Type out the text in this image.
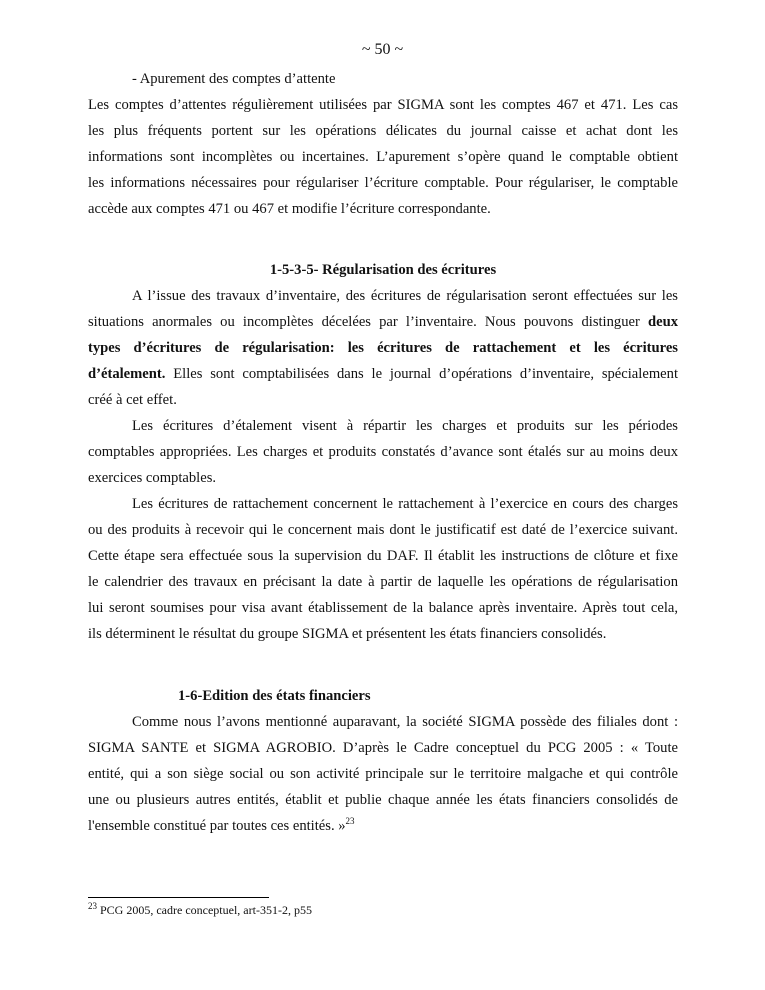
~ 50 ~
- Apurement des comptes d’attente
Les comptes d’attentes régulièrement utilisées par SIGMA sont les comptes 467 et 471. Les cas
les plus fréquents portent sur les opérations délicates du journal caisse et achat dont les
informations sont incomplètes ou incertaines. L’apurement s’opère quand le comptable obtient
les informations nécessaires pour régulariser l’écriture comptable. Pour régulariser, le comptable
accède aux comptes 471 ou 467 et modifie l’écriture correspondante.
1-5-3-5- Régularisation des écritures
A l’issue des travaux d’inventaire, des écritures de régularisation seront effectuées sur les
situations anormales ou incomplètes décelées par l’inventaire. Nous pouvons distinguer deux
types d’écritures de régularisation: les écritures de rattachement et les écritures
d’étalement. Elles sont comptabilisées dans le journal d’opérations d’inventaire, spécialement
créé à cet effet.
Les écritures d’étalement visent à répartir les charges et produits sur les périodes
comptables appropriées. Les charges et produits constatés d’avance sont étalés sur au moins deux
exercices comptables.
Les écritures de rattachement concernent le rattachement à l’exercice en cours des charges
ou des produits à recevoir qui le concernent mais dont le justificatif est daté de l’exercice suivant.
Cette étape sera effectuée sous la supervision du DAF. Il établit les instructions de clôture et fixe
le calendrier des travaux en précisant la date à partir de laquelle les opérations de régularisation
lui seront soumises pour visa avant établissement de la balance après inventaire. Après tout cela,
ils déterminent le résultat du groupe SIGMA et présentent les états financiers consolidés.
1-6-Edition des états financiers
Comme nous l’avons mentionné auparavant, la société SIGMA possède des filiales dont :
SIGMA SANTE et SIGMA AGROBIO. D’après le Cadre conceptuel du PCG 2005 : « Toute
entité, qui a son siège social ou son activité principale sur le territoire malgache et qui contrôle
une ou plusieurs autres entités, établit et publie chaque année les états financiers consolidés de
l'ensemble constitué par toutes ces entités. »$^{23}$
$^{23}$ PCG 2005, cadre conceptuel, art-351-2, p55
